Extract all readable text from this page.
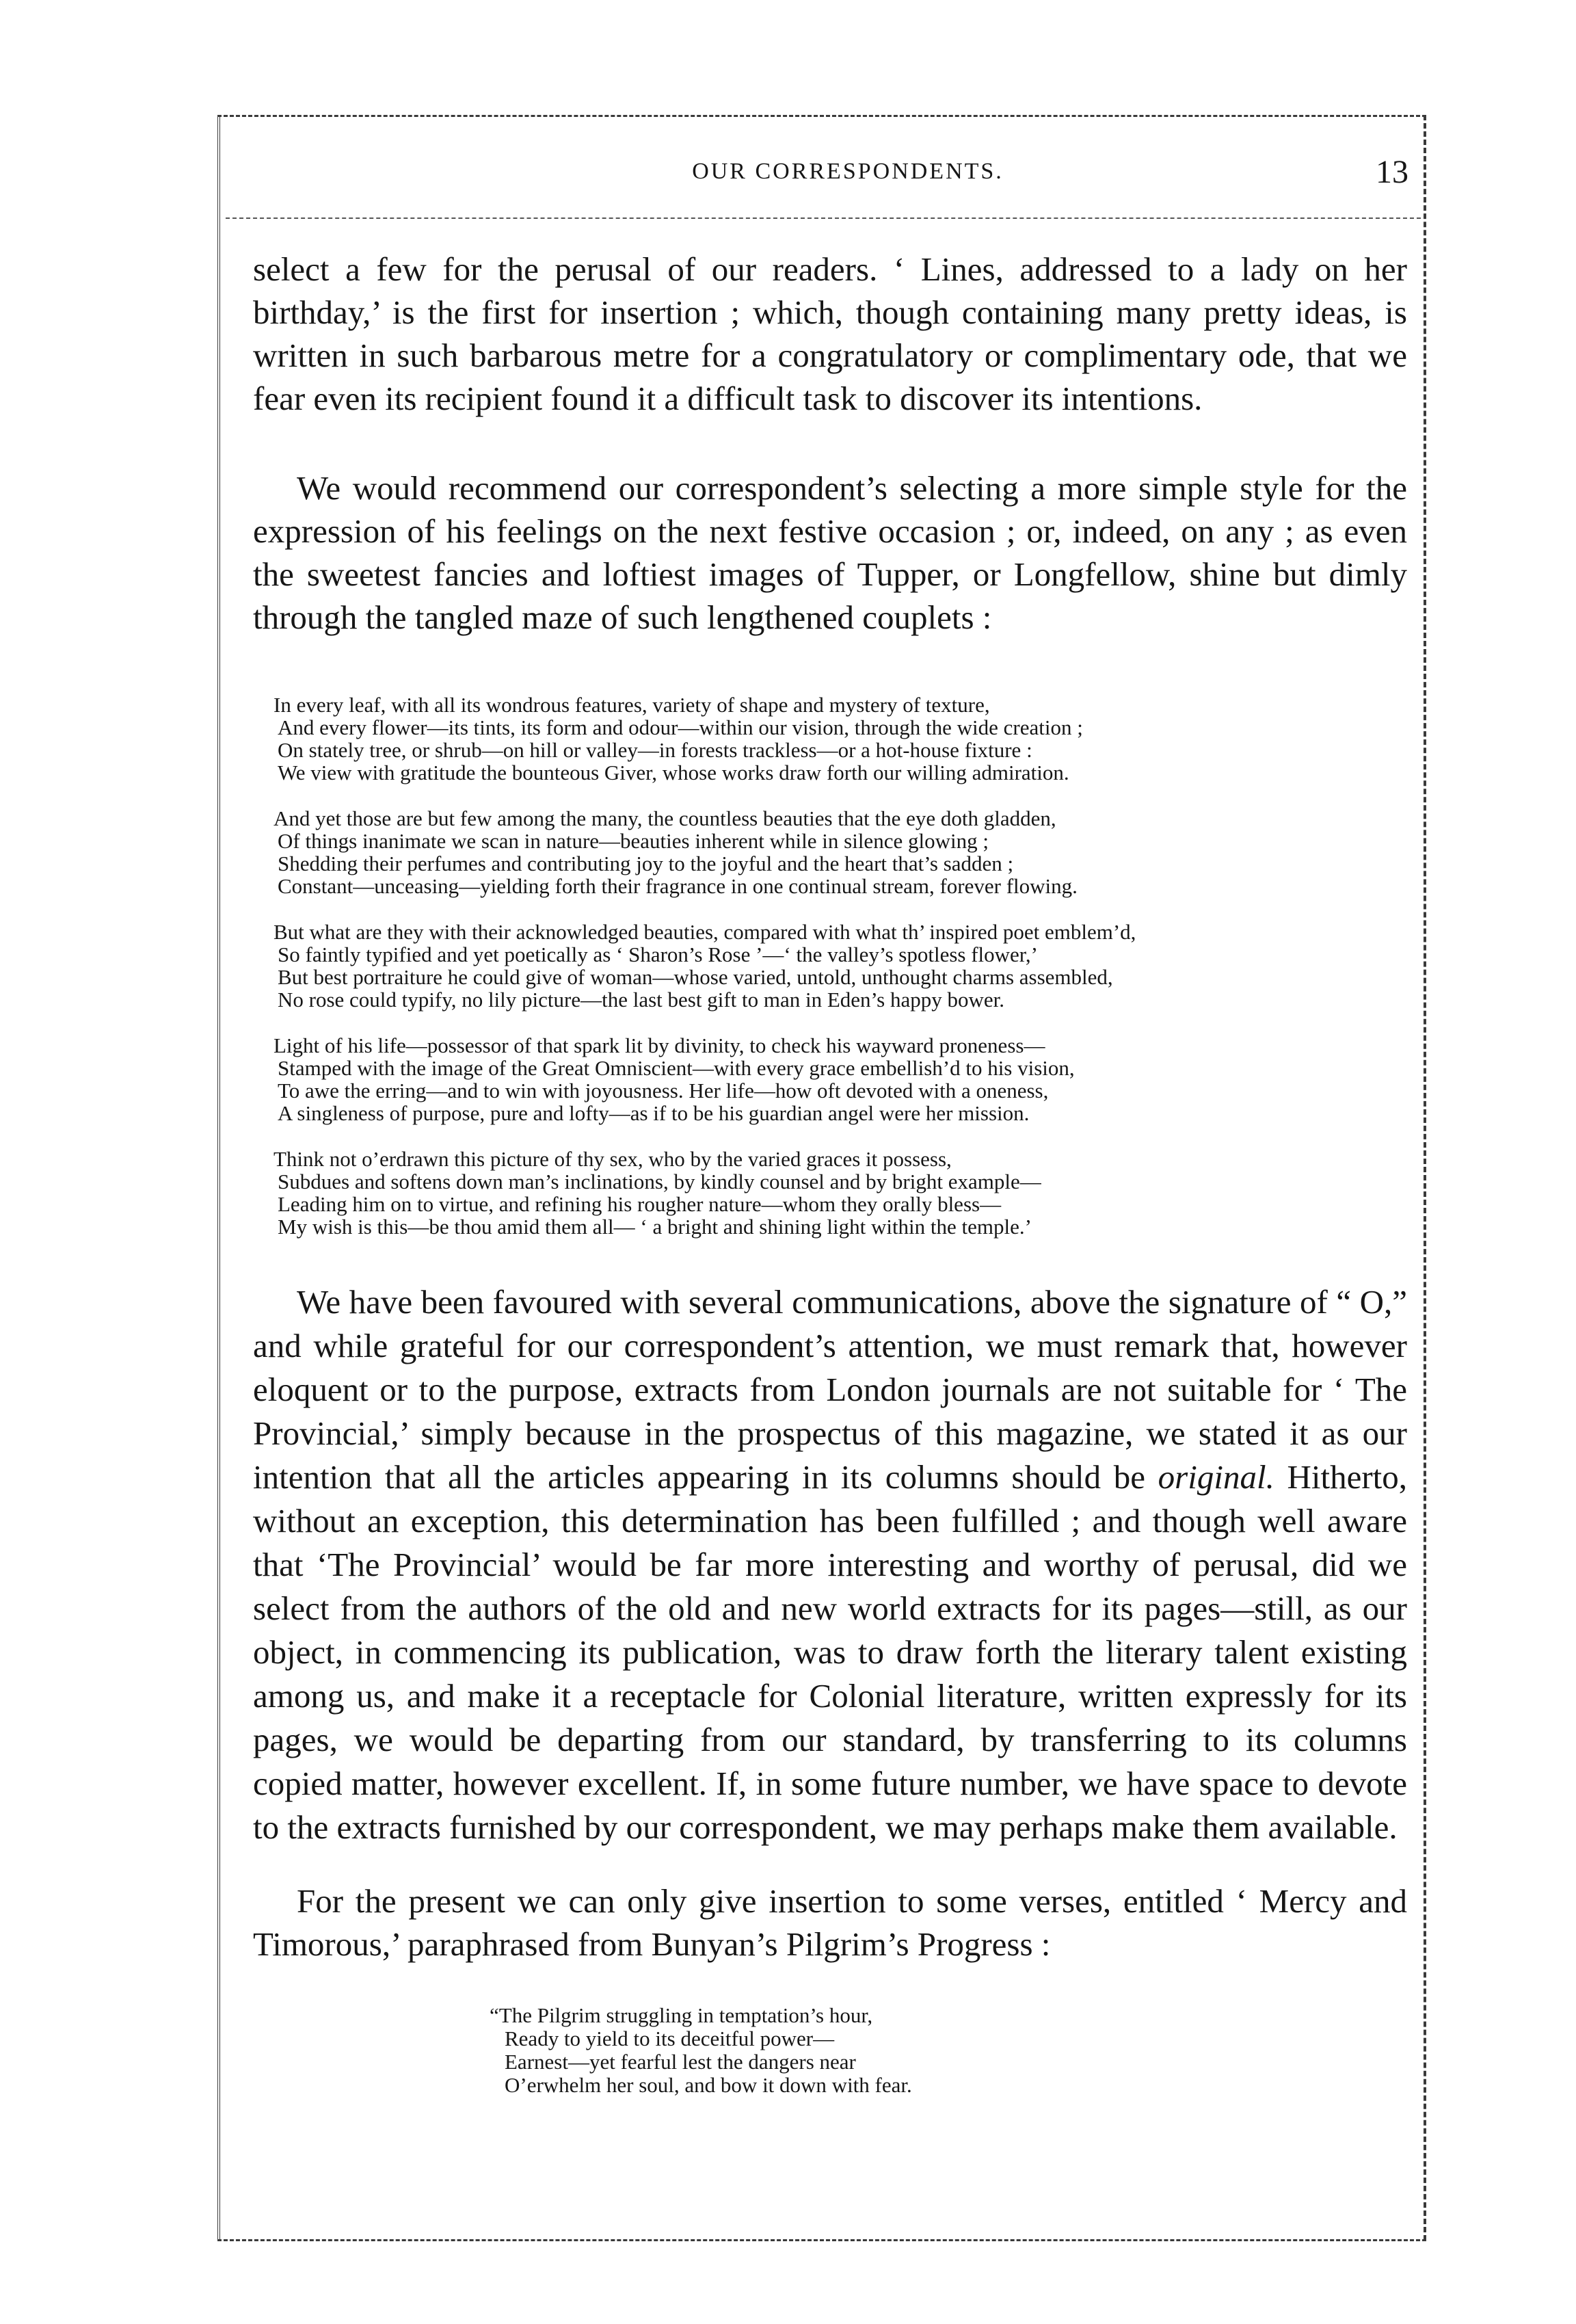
OUR CORRESPONDENTS.	13

select a few for the perusal of our readers. ‘ Lines, addressed to a lady on her birthday,’ is the first for insertion ; which, though containing many pretty ideas, is written in such barbarous metre for a congratulatory or complimentary ode, that we fear even its recipient found it a difficult task to discover its intentions.

We would recommend our correspondent’s selecting a more simple style for the expression of his feelings on the next festive occasion ; or, indeed, on any ; as even the sweetest fancies and loftiest images of Tupper, or Longfellow, shine but dimly through the tangled maze of such lengthened couplets :

In every leaf, with all its wondrous features, variety of shape and mystery of texture,
And every flower—its tints, its form and odour—within our vision, through the wide creation ;
On stately tree, or shrub—on hill or valley—in forests trackless—or a hot-house fixture :
We view with gratitude the bounteous Giver, whose works draw forth our willing admiration.
And yet those are but few among the many, the countless beauties that the eye doth gladden,
Of things inanimate we scan in nature—beauties inherent while in silence glowing ;
Shedding their perfumes and contributing joy to the joyful and the heart that’s sadden ;
Constant—unceasing—yielding forth their fragrance in one continual stream, forever flowing.
But what are they with their acknowledged beauties, compared with what th’ inspired poet emblem’d,
So faintly typified and yet poetically as ‘ Sharon’s Rose ’—‘ the valley’s spotless flower,’
But best portraiture he could give of woman—whose varied, untold, unthought charms assembled,
No rose could typify, no lily picture—the last best gift to man in Eden’s happy bower.
Light of his life—possessor of that spark lit by divinity, to check his wayward proneness—
Stamped with the image of the Great Omniscient—with every grace embellish’d to his vision,
To awe the erring—and to win with joyousness. Her life—how oft devoted with a oneness,
A singleness of purpose, pure and lofty—as if to be his guardian angel were her mission.
Think not o’erdrawn this picture of thy sex, who by the varied graces it possess,
Subdues and softens down man’s inclinations, by kindly counsel and by bright example—
Leading him on to virtue, and refining his rougher nature—whom they orally bless—
My wish is this—be thou amid them all— ‘ a bright and shining light within the temple.’

We have been favoured with several communications, above the signature of “ O,” and while grateful for our correspondent’s attention, we must remark that, however eloquent or to the purpose, extracts from London journals are not suitable for ‘ The Provincial,’ simply because in the prospectus of this magazine, we stated it as our intention that all the articles appearing in its columns should be original. Hitherto, without an exception, this determination has been fulfilled ; and though well aware that ‘The Provincial’ would be far more interesting and worthy of perusal, did we select from the authors of the old and new world extracts for its pages—still, as our object, in commencing its publication, was to draw forth the literary talent existing among us, and make it a receptacle for Colonial literature, written expressly for its pages, we would be departing from our standard, by transferring to its columns copied matter, however excellent. If, in some future number, we have space to devote to the extracts furnished by our correspondent, we may perhaps make them available.

For the present we can only give insertion to some verses, entitled ‘ Mercy and Timorous,’ paraphrased from Bunyan’s Pilgrim’s Progress :

“The Pilgrim struggling in temptation’s hour,
Ready to yield to its deceitful power—
Earnest—yet fearful lest the dangers near
O’erwhelm her soul, and bow it down with fear.
